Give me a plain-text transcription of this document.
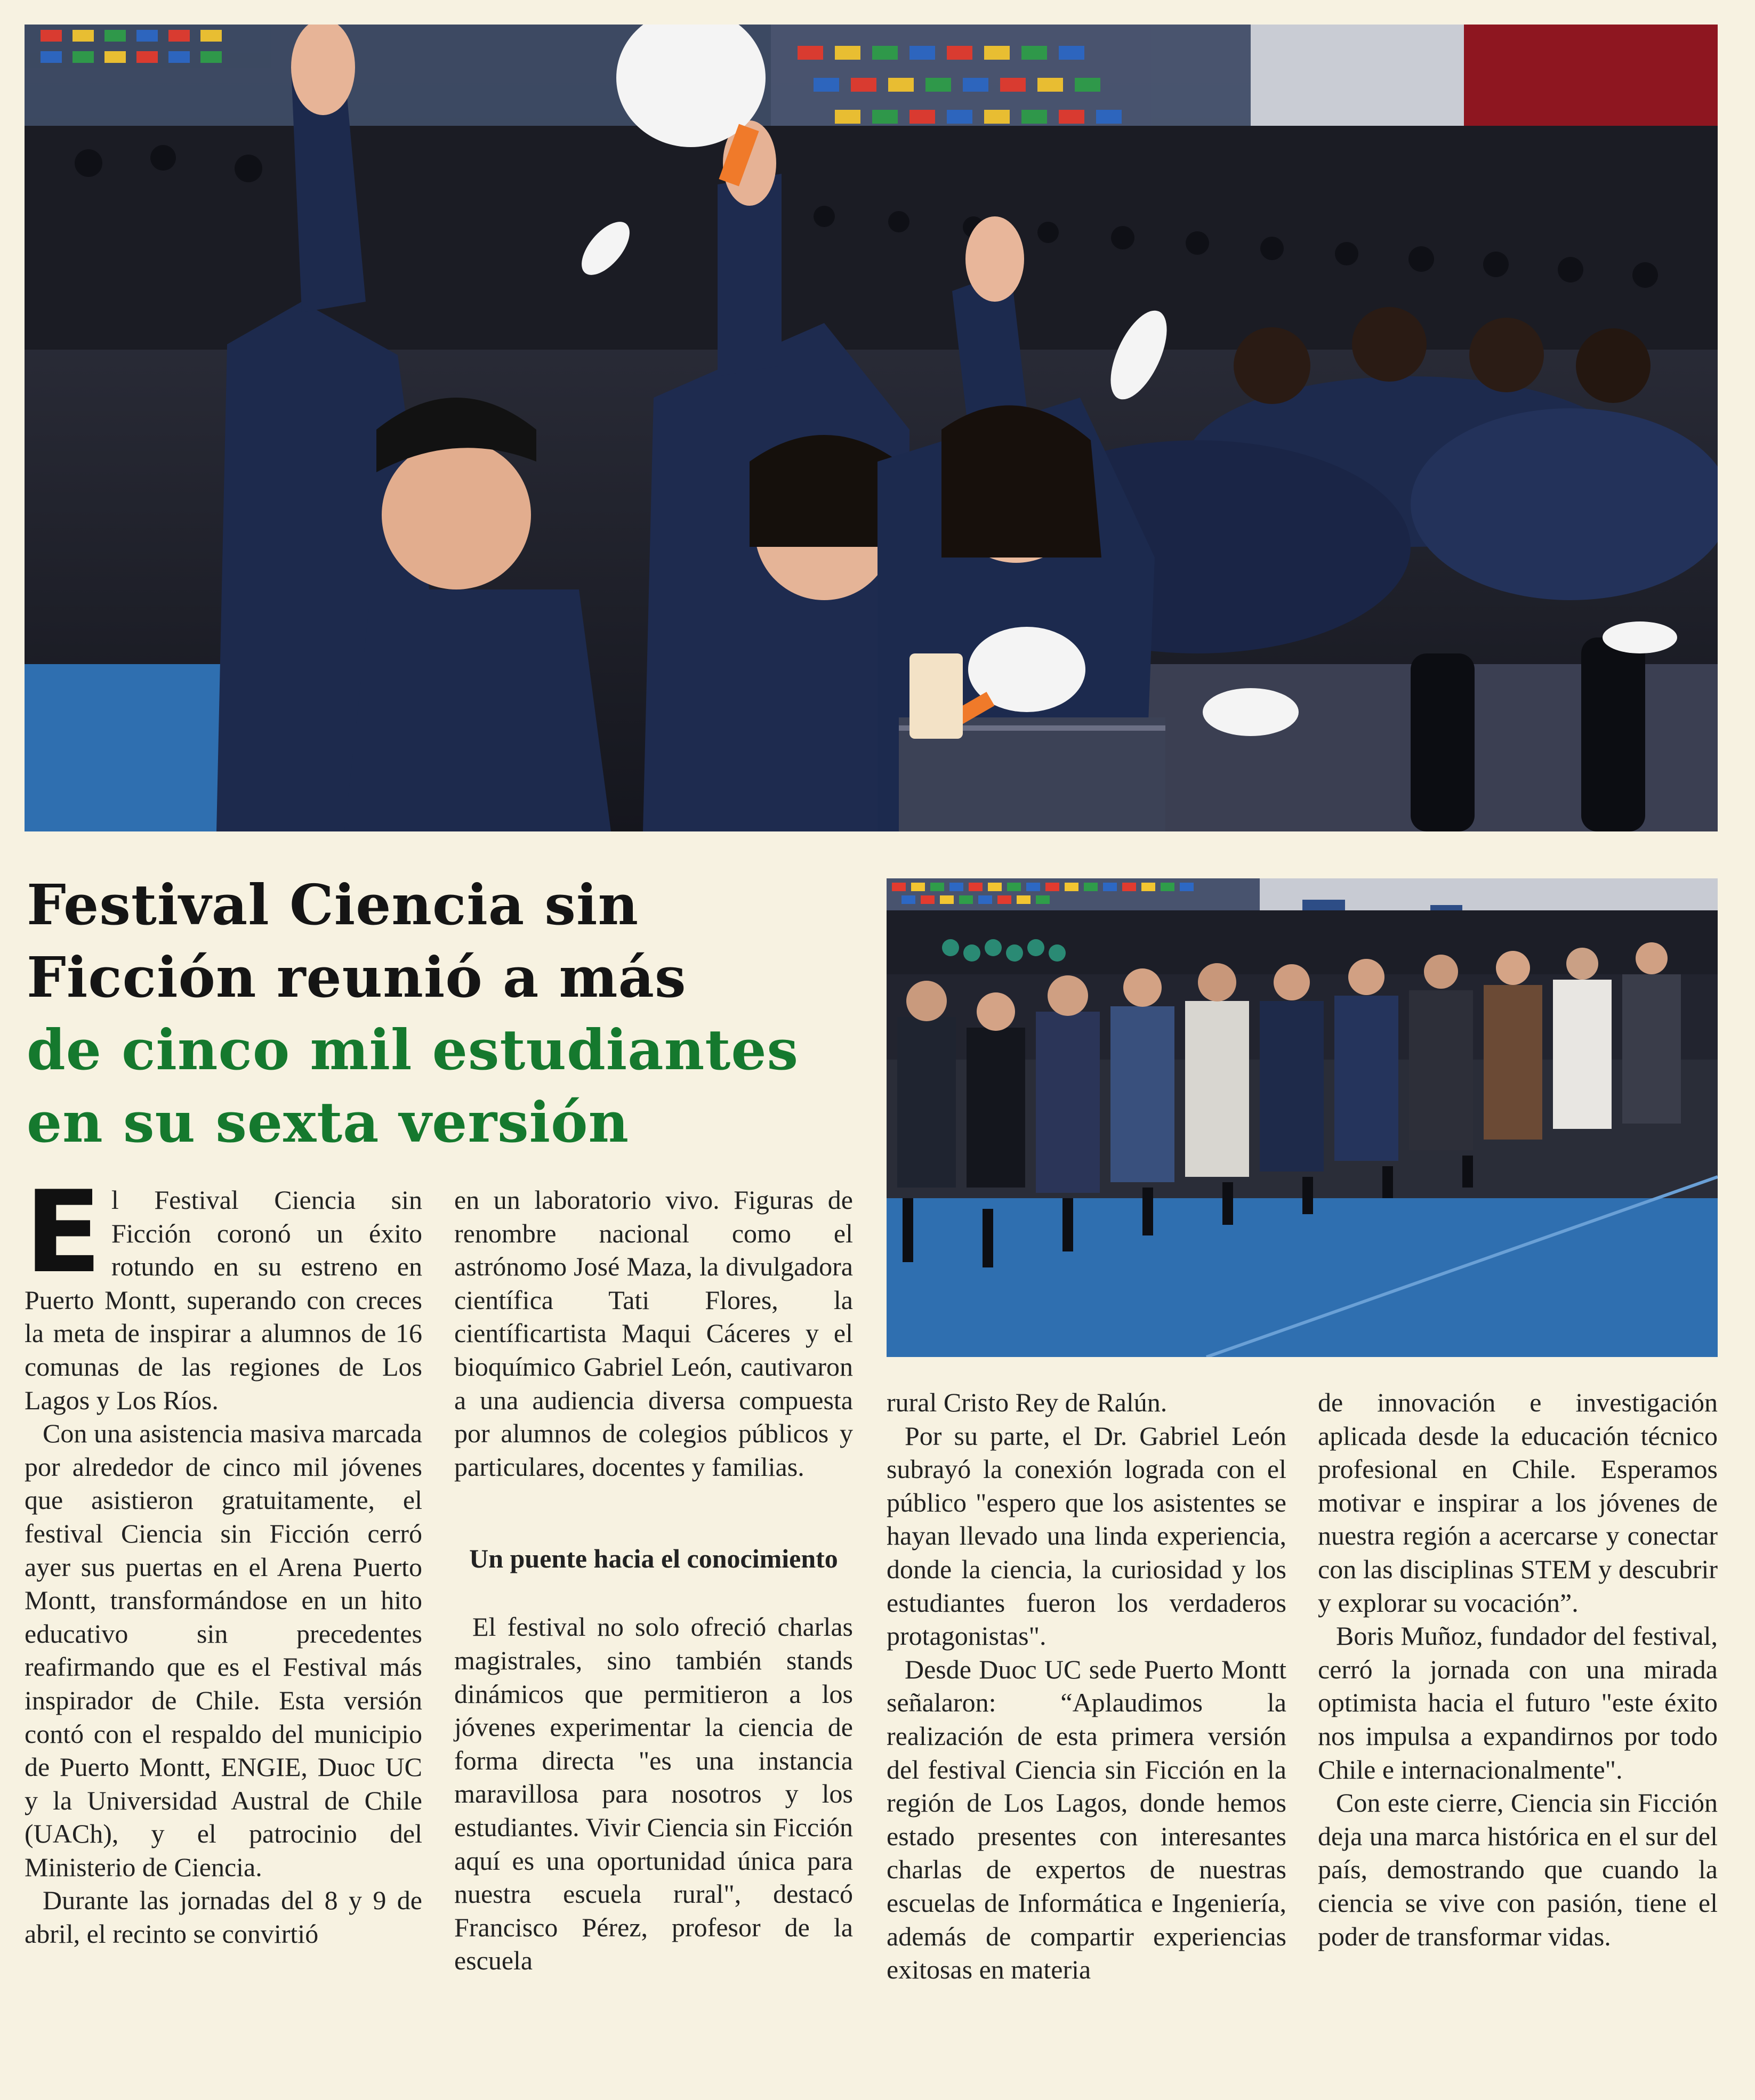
Festival Ciencia sin
Ficción reunió a más
de cinco mil estudiantes
en su sexta versión

El Festival Ciencia sin Ficción coronó un éxito rotundo en su estreno en Puerto Montt, superando con creces la meta de inspirar a alumnos de 16 comunas de las regiones de Los Lagos y Los Ríos.

Con una asistencia masiva marcada por alrededor de cinco mil jóvenes que asistieron gratuitamente, el festival Ciencia sin Ficción cerró ayer sus puertas en el Arena Puerto Montt, transformándose en un hito educativo sin precedentes reafirmando que es el Festival más inspirador de Chile. Esta versión contó con el respaldo del municipio de Puerto Montt, ENGIE, Duoc UC y la Universidad Austral de Chile (UACh), y el patrocinio del Ministerio de Ciencia.

Durante las jornadas del 8 y 9 de abril, el recinto se convirtió

en un laboratorio vivo. Figuras de renombre nacional como el astrónomo José Maza, la divulgadora científica Tati Flores, la científicartista Maqui Cáceres y el bioquímico Gabriel León, cautivaron a una audiencia diversa compuesta por alumnos de colegios públicos y particulares, docentes y familias.

Un puente hacia el conocimiento

El festival no solo ofreció charlas magistrales, sino también stands dinámicos que permitieron a los jóvenes experimentar la ciencia de forma directa "es una instancia maravillosa para nosotros y los estudiantes. Vivir Ciencia sin Ficción aquí es una oportunidad única para nuestra escuela rural", destacó Francisco Pérez, profesor de la escuela

rural Cristo Rey de Ralún.

Por su parte, el Dr. Gabriel León subrayó la conexión lograda con el público "espero que los asistentes se hayan llevado una linda experiencia, donde la ciencia, la curiosidad y los estudiantes fueron los verdaderos protagonistas".

Desde Duoc UC sede Puerto Montt señalaron: “Aplaudimos la realización de esta primera versión del festival Ciencia sin Ficción en la región de Los Lagos, donde hemos estado presentes con interesantes charlas de expertos de nuestras escuelas de Informática e Ingeniería, además de compartir experiencias exitosas en materia

de innovación e investigación aplicada desde la educación técnico profesional en Chile. Esperamos motivar e inspirar a los jóvenes de nuestra región a acercarse y conectar con las disciplinas STEM y descubrir y explorar su vocación”.

Boris Muñoz, fundador del festival, cerró la jornada con una mirada optimista hacia el futuro "este éxito nos impulsa a expandirnos por todo Chile e internacionalmente".

Con este cierre, Ciencia sin Ficción deja una marca histórica en el sur del país, demostrando que cuando la ciencia se vive con pasión, tiene el poder de transformar vidas.
